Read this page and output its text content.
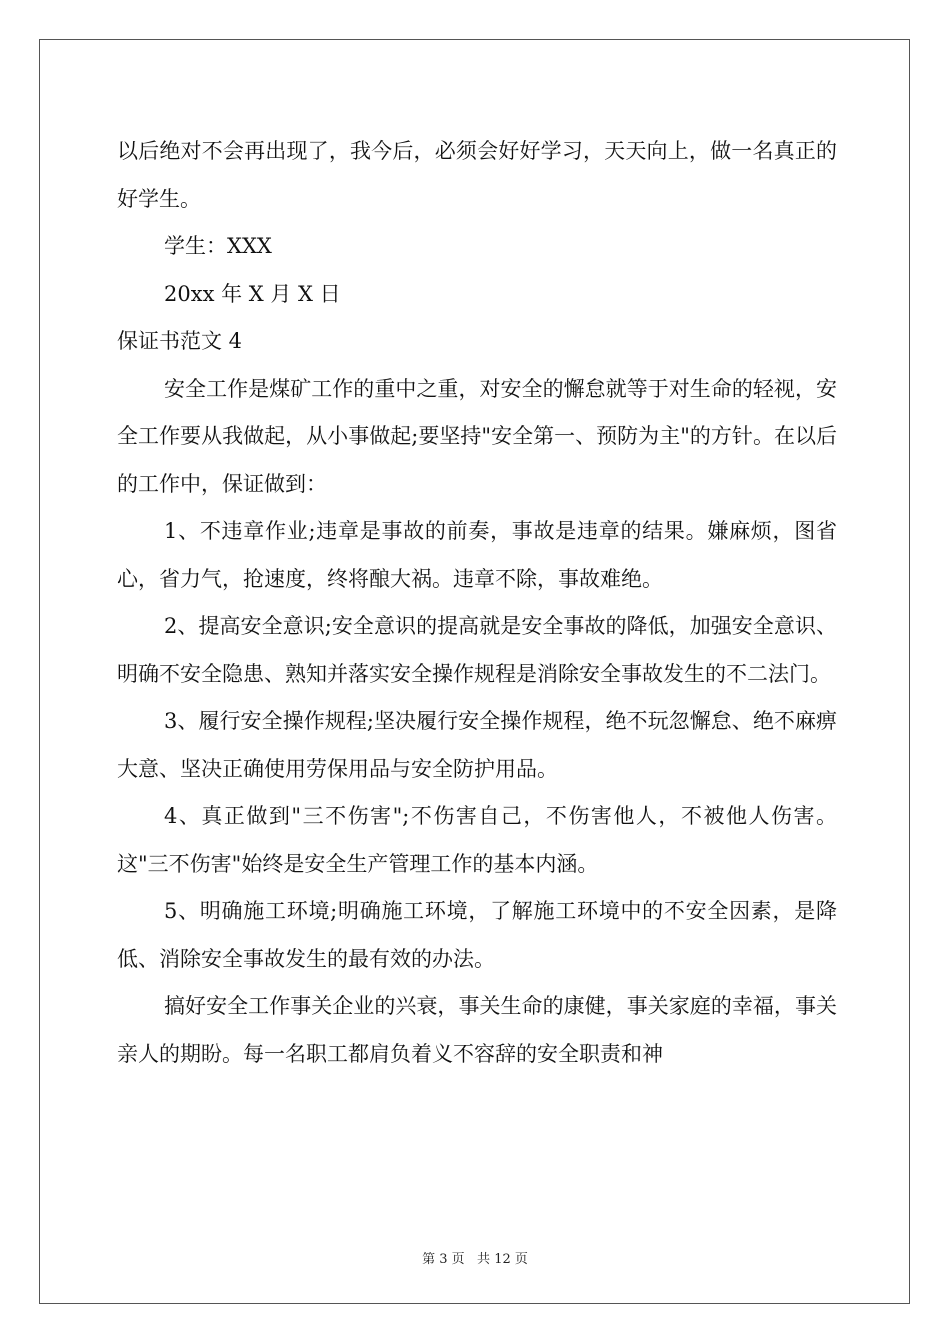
以后绝对不会再出现了，我今后，必须会好好学习，天天向上，做一名真正的好学生。

学生：XXX

20xx 年 X 月 X 日

保证书范文 4

安全工作是煤矿工作的重中之重，对安全的懈怠就等于对生命的轻视，安全工作要从我做起，从小事做起;要坚持"安全第一、预防为主"的方针。在以后的工作中，保证做到：

1、不违章作业;违章是事故的前奏，事故是违章的结果。嫌麻烦，图省心，省力气，抢速度，终将酿大祸。违章不除，事故难绝。

2、提高安全意识;安全意识的提高就是安全事故的降低，加强安全意识、明确不安全隐患、熟知并落实安全操作规程是消除安全事故发生的不二法门。

3、履行安全操作规程;坚决履行安全操作规程，绝不玩忽懈怠、绝不麻痹大意、坚决正确使用劳保用品与安全防护用品。

4、真正做到"三不伤害";不伤害自己，不伤害他人，不被他人伤害。这"三不伤害"始终是安全生产管理工作的基本内涵。

5、明确施工环境;明确施工环境，了解施工环境中的不安全因素，是降低、消除安全事故发生的最有效的办法。

搞好安全工作事关企业的兴衰，事关生命的康健，事关家庭的幸福，事关亲人的期盼。每一名职工都肩负着义不容辞的安全职责和神

第 3 页   共 12 页
